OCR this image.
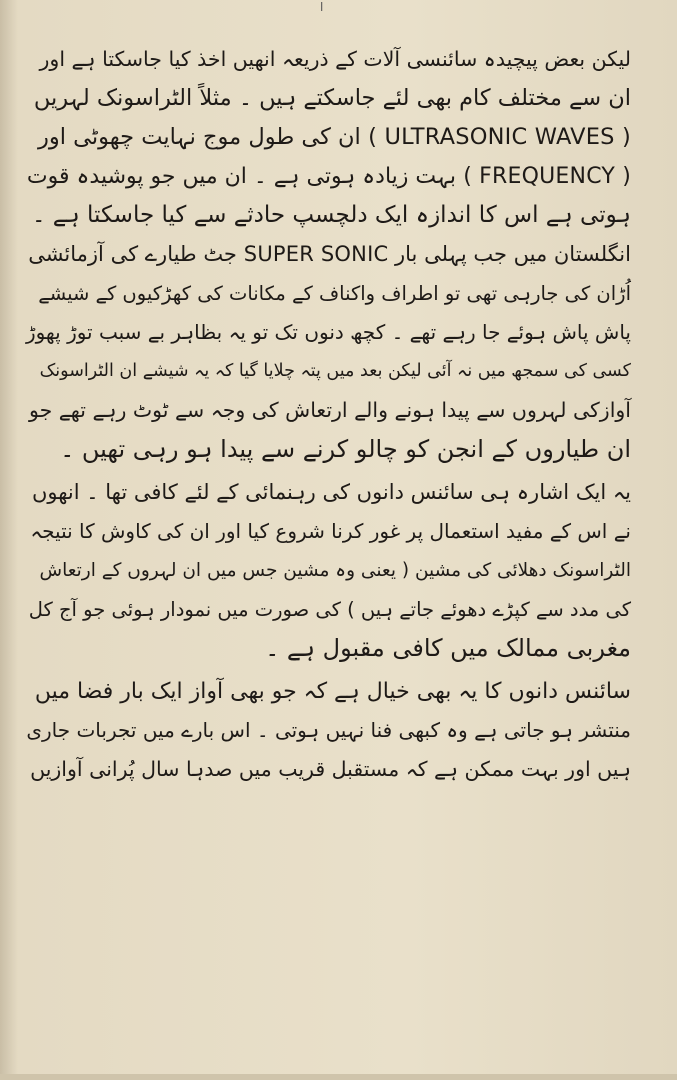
ا
لیکن بعض پیچیدہ سائنسی آلات کے ذریعہ انھیں اخذ کیا جاسکتا ہے اور
ان سے مختلف کام بھی لئے جاسکتے ہیں ۔ مثلاً الٹراسونک لہریں
( ULTRASONIC WAVES ) ان کی طول موج نہایت چھوٹی اور
( FREQUENCY ) بہت زیادہ ہوتی ہے ۔ ان میں جو پوشیدہ قوت
ہوتی ہے اس کا اندازہ ایک دلچسپ حادثے سے کیا جاسکتا ہے ۔
انگلستان میں جب پہلی بار SUPER SONIC جٹ طیارے کی آزمائشی
اُڑان کی جارہی تھی تو اطراف واکناف کے مکانات کی کھڑکیوں کے شیشے
پاش پاش ہوئے جا رہے تھے ۔ کچھ دنوں تک تو یہ بظاہر بے سبب توڑ پھوڑ
کسی کی سمجھ میں نہ آئی لیکن بعد میں پتہ چلایا گیا کہ یہ شیشے ان الٹراسونک
آوازکی لہروں سے پیدا ہونے والے ارتعاش کی وجہ سے ٹوٹ رہے تھے جو
ان طیاروں کے انجن کو چالو کرنے سے پیدا ہو رہی تھیں ۔
یہ ایک اشارہ ہی سائنس دانوں کی رہنمائی کے لئے کافی تھا ۔ انھوں
نے اس کے مفید استعمال پر غور کرنا شروع کیا اور ان کی کاوش کا نتیجہ
الٹراسونک دھلائی کی مشین ( یعنی وہ مشین جس میں ان لہروں کے ارتعاش
کی مدد سے کپڑے دھوئے جاتے ہیں ) کی صورت میں نمودار ہوئی جو آج کل
مغربی ممالک میں کافی مقبول ہے ۔
سائنس دانوں کا یہ بھی خیال ہے کہ جو بھی آواز ایک بار فضا میں
منتشر ہو جاتی ہے وہ کبھی فنا نہیں ہوتی ۔ اس بارے میں تجربات جاری
ہیں اور بہت ممکن ہے کہ مستقبل قریب میں صدہا سال پُرانی آوازیں
